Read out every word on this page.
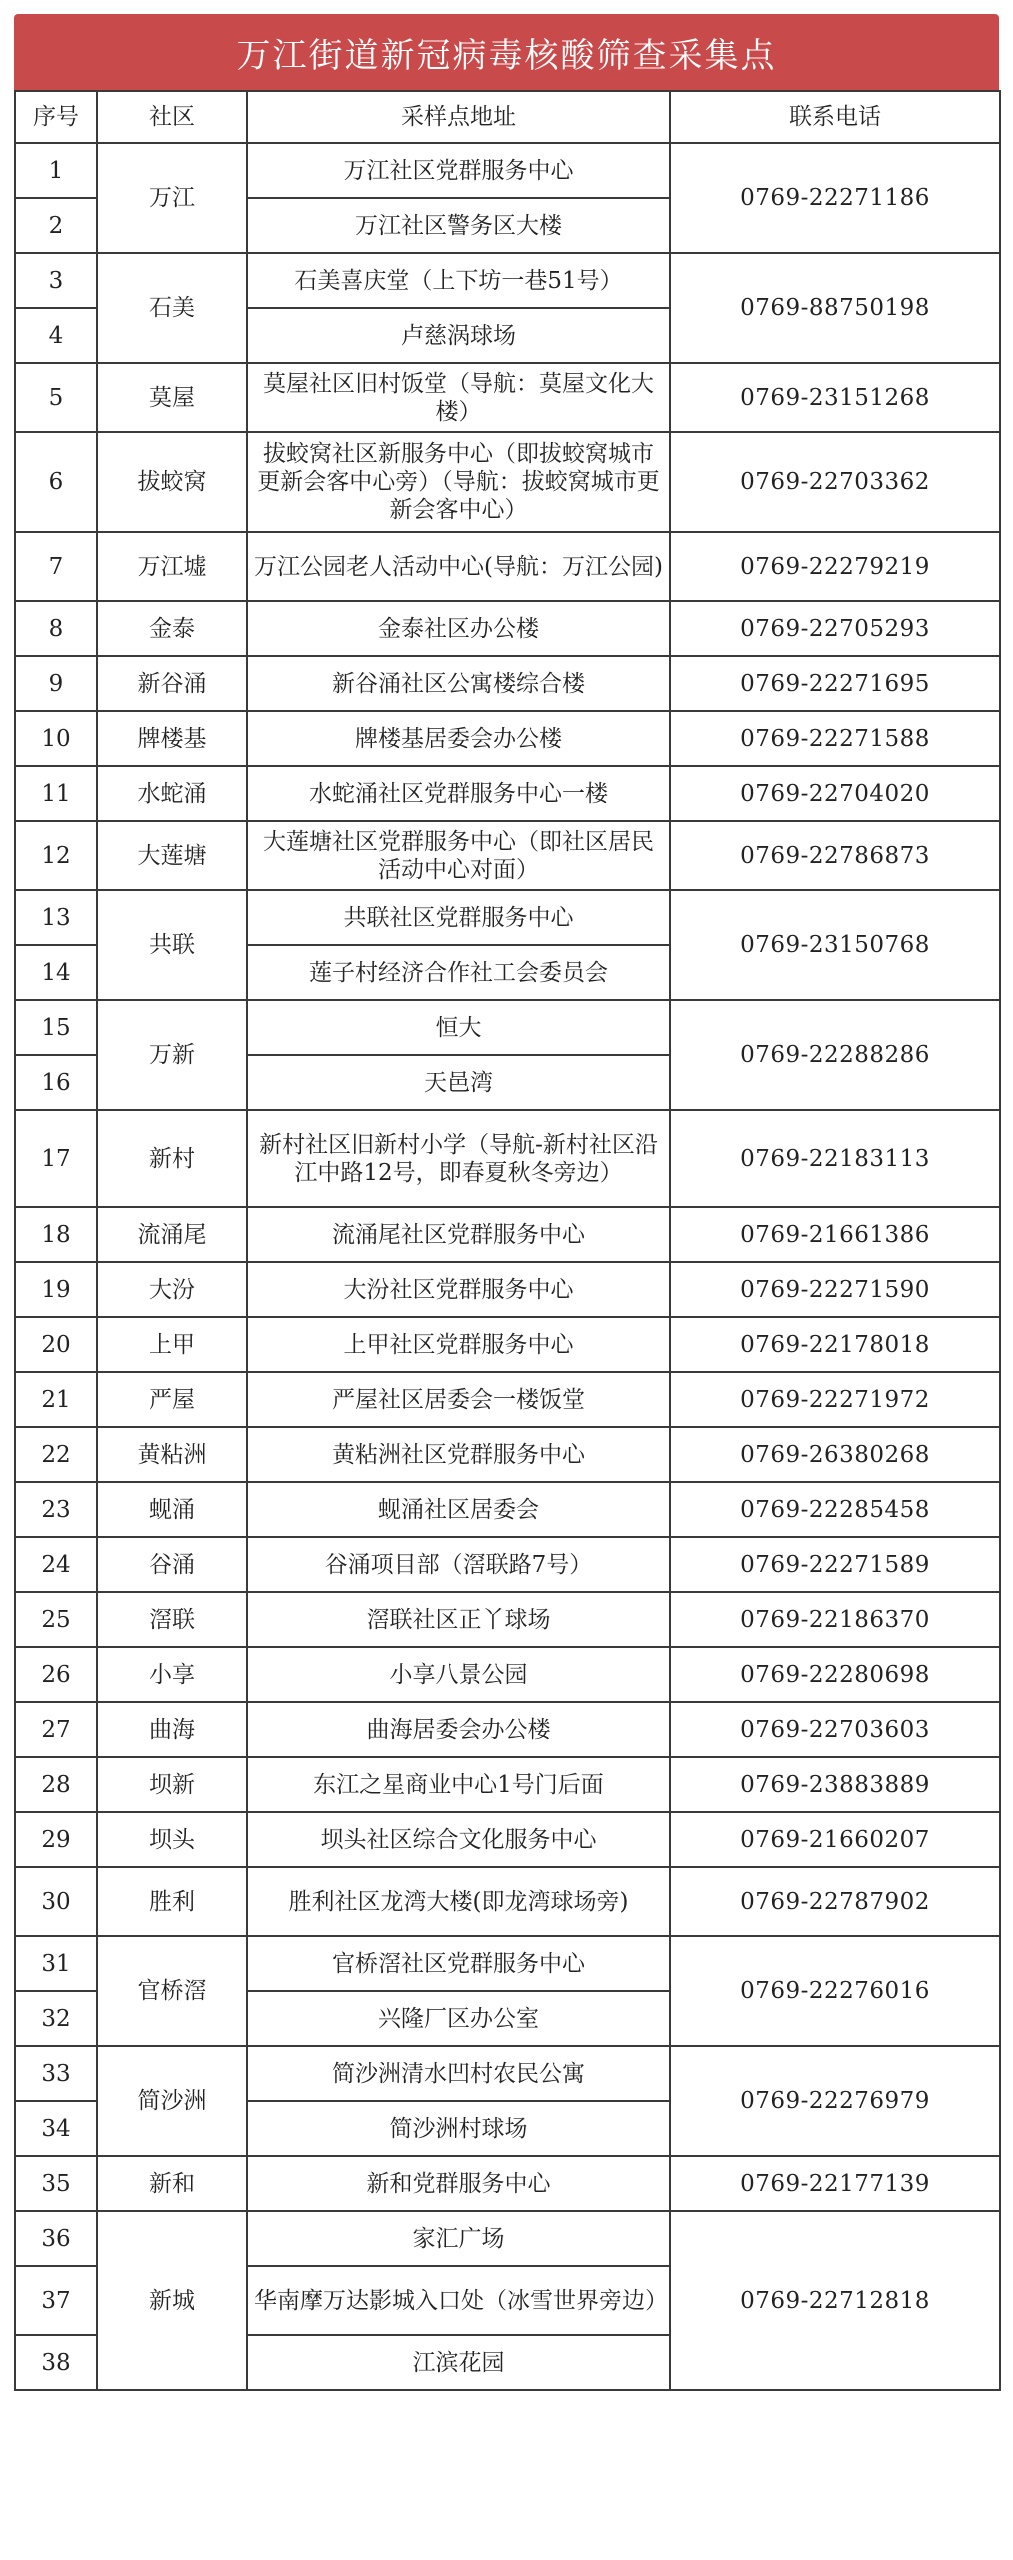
万江街道新冠病毒核酸筛查采集点
序号	社区	采样点地址	联系电话
1	万江	万江社区党群服务中心	0769-22271186
2		万江社区警务区大楼	
3	石美	石美喜庆堂（上下坊一巷51号）	0769-88750198
4		卢慈涡球场	
5	莫屋	莫屋社区旧村饭堂（导航：莫屋文化大楼）	0769-23151268
6	拔蛟窝	拔蛟窝社区新服务中心（即拔蛟窝城市更新会客中心旁）（导航：拔蛟窝城市更新会客中心）	0769-22703362
7	万江墟	万江公园老人活动中心(导航：万江公园)	0769-22279219
8	金泰	金泰社区办公楼	0769-22705293
9	新谷涌	新谷涌社区公寓楼综合楼	0769-22271695
10	牌楼基	牌楼基居委会办公楼	0769-22271588
11	水蛇涌	水蛇涌社区党群服务中心一楼	0769-22704020
12	大莲塘	大莲塘社区党群服务中心（即社区居民活动中心对面）	0769-22786873
13	共联	共联社区党群服务中心	0769-23150768
14		莲子村经济合作社工会委员会	
15	万新	恒大	0769-22288286
16		天邑湾	
17	新村	新村社区旧新村小学（导航-新村社区沿江中路12号，即春夏秋冬旁边）	0769-22183113
18	流涌尾	流涌尾社区党群服务中心	0769-21661386
19	大汾	大汾社区党群服务中心	0769-22271590
20	上甲	上甲社区党群服务中心	0769-22178018
21	严屋	严屋社区居委会一楼饭堂	0769-22271972
22	黄粘洲	黄粘洲社区党群服务中心	0769-26380268
23	蚬涌	蚬涌社区居委会	0769-22285458
24	谷涌	谷涌项目部（滘联路7号）	0769-22271589
25	滘联	滘联社区正丫球场	0769-22186370
26	小享	小享八景公园	0769-22280698
27	曲海	曲海居委会办公楼	0769-22703603
28	坝新	东江之星商业中心1号门后面	0769-23883889
29	坝头	坝头社区综合文化服务中心	0769-21660207
30	胜利	胜利社区龙湾大楼(即龙湾球场旁)	0769-22787902
31	官桥滘	官桥滘社区党群服务中心	0769-22276016
32		兴隆厂区办公室	
33	简沙洲	简沙洲清水凹村农民公寓	0769-22276979
34		简沙洲村球场	
35	新和	新和党群服务中心	0769-22177139
36	新城	家汇广场	0769-22712818
37		华南摩万达影城入口处（冰雪世界旁边）	
38		江滨花园	
